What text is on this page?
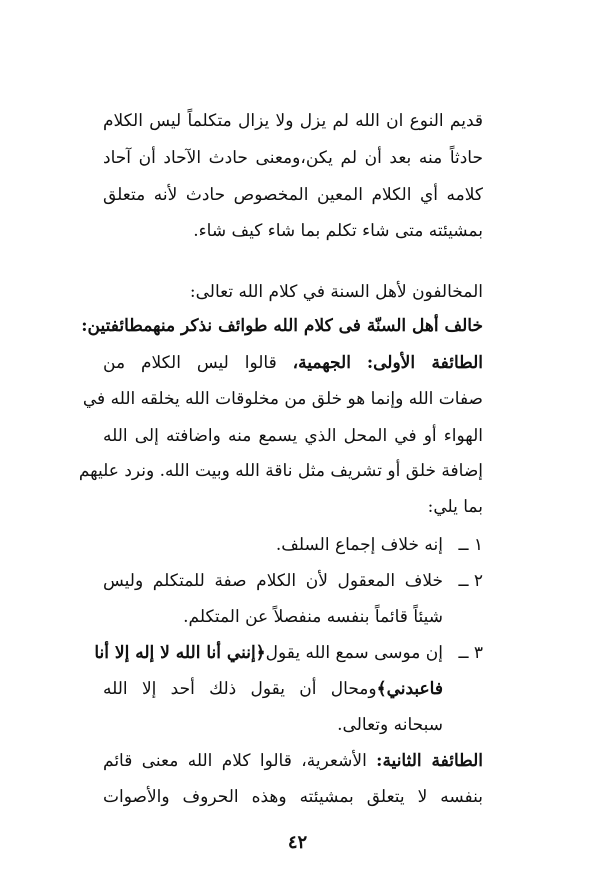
قديم النوع ان الله لم يزل ولا يزال متكلماً ليس الكلام
حادثاً منه بعد أن لم يكن،ومعنى حادث الآحاد أن آحاد
كلامه أي الكلام المعين المخصوص حادث لأنه متعلق
بمشيئته متى شاء تكلم بما شاء كيف شاء.
المخالفون لأهل السنة في كلام الله تعالى:
خالف أهل السنّة فى كلام الله طوائف نذكر منهمطائفتين:
الطائفة الأولى: الجهمية، قالوا ليس الكلام من
صفات الله وإنما هو خلق من مخلوقات الله يخلقه الله في
الهواء أو في المحل الذي يسمع منه واضافته إلى الله
إضافة خلق أو تشريف مثل ناقة الله وبيت الله. ونرد عليهم
بما يلي:
١ ــ
إنه خلاف إجماع السلف.
٢ ــ
خلاف المعقول لأن الكلام صفة للمتكلم وليس
شيئاً قائماً بنفسه منفصلاً عن المتكلم.
٣ ــ
إن موسى سمع الله يقول﴿إنني أنا الله لا إله إلا أنا
فاعبدني﴾ومحال أن يقول ذلك أحد إلا الله
سبحانه وتعالى.
الطائفة الثانية: الأشعرية، قالوا كلام الله معنى قائم
بنفسه لا يتعلق بمشيئته وهذه الحروف والأصوات
٤٢
